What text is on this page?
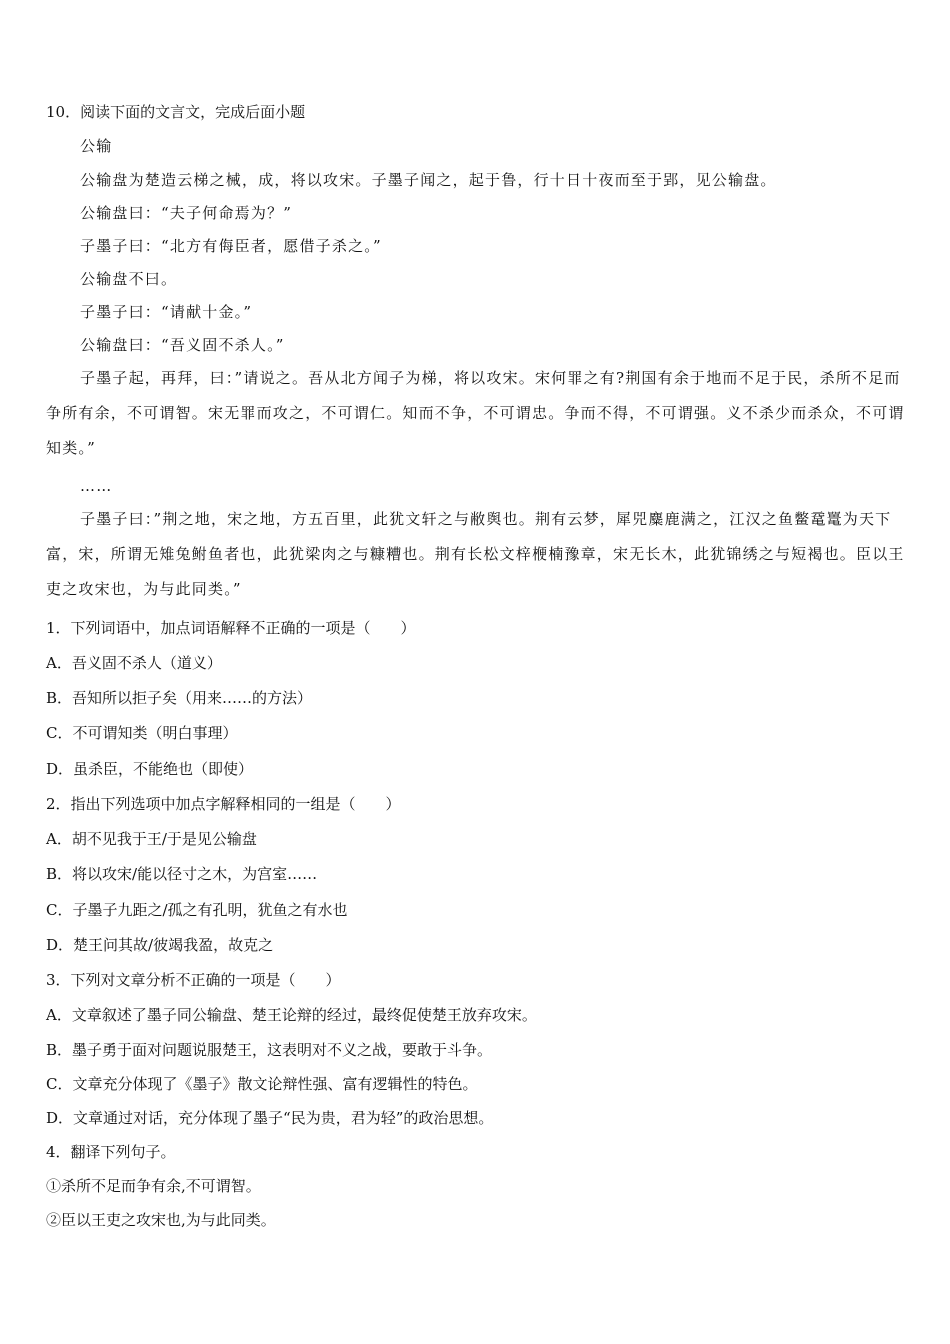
10．阅读下面的文言文，完成后面小题
公输
公输盘为楚造云梯之械，成，将以攻宋。子墨子闻之，起于鲁，行十日十夜而至于郢，见公输盘。
公输盘曰：“夫子何命焉为？”
子墨子曰：“北方有侮臣者，愿借子杀之。”
公输盘不曰。
子墨子曰：“请献十金。”
公输盘曰：“吾义固不杀人。”
子墨子起，再拜，曰：”请说之。吾从北方闻子为梯，将以攻宋。宋何罪之有?荆国有余于地而不足于民，杀所不足而争所有余，不可谓智。宋无罪而攻之，不可谓仁。知而不争，不可谓忠。争而不得，不可谓强。义不杀少而杀众，不可谓知类。”
……
子墨子曰：”荆之地，宋之地，方五百里，此犹文轩之与敝舆也。荆有云梦，犀兕麋鹿满之，江汉之鱼鳖鼋鼍为天下富，宋，所谓无雉兔鲋鱼者也，此犹梁肉之与糠糟也。荆有长松文梓楩楠豫章，宋无长木，此犹锦绣之与短褐也。臣以王吏之攻宋也，为与此同类。”
1．下列词语中，加点词语解释不正确的一项是（　　）
A．吾义固不杀人（道义）
B．吾知所以拒子矣（用来……的方法）
C．不可谓知类（明白事理）
D．虽杀臣，不能绝也（即使）
2．指出下列选项中加点字解释相同的一组是（　　）
A．胡不见我于王/于是见公输盘
B．将以攻宋/能以径寸之木，为宫室……
C．子墨子九距之/孤之有孔明，犹鱼之有水也
D．楚王问其故/彼竭我盈，故克之
3．下列对文章分析不正确的一项是（　　）
A．文章叙述了墨子同公输盘、楚王论辩的经过，最终促使楚王放弃攻宋。
B．墨子勇于面对问题说服楚王，这表明对不义之战，要敢于斗争。
C．文章充分体现了《墨子》散文论辩性强、富有逻辑性的特色。
D．文章通过对话，充分体现了墨子“民为贵，君为轻”的政治思想。
4．翻译下列句子。
①杀所不足而争有余,不可谓智。
②臣以王吏之攻宋也,为与此同类。
